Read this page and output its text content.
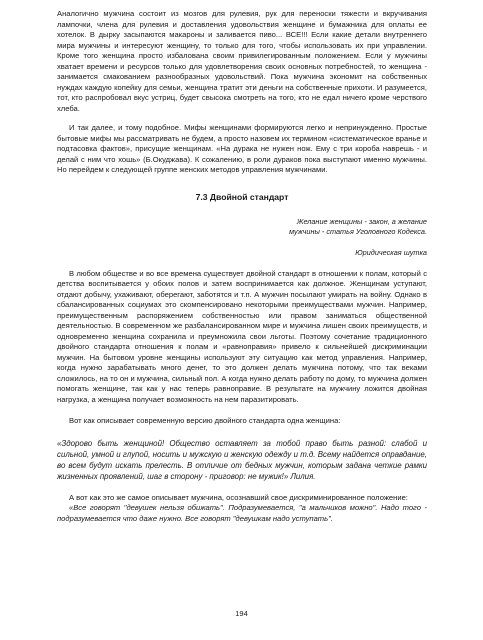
Аналогично мужчина состоит из мозгов для рулевия, рук для переноски тяжести и вкручивания лампочки, члена для рулевия и доставления удовольствия женщине и бумажника для оплаты ее хотелок. В дырку засыпаются макароны и заливается пиво... ВСЕ!!! Если какие детали внутреннего мира мужчины и интересуют женщину, то только для того, чтобы использовать их при управлении. Кроме того женщина просто избалована своим привилегированным положением. Если у мужчины хватает времени и ресурсов только для удовлетворения своих основных потребностей, то женщина - занимается смакованием разнообразных удовольствий. Пока мужчина экономит на собственных нуждах каждую копейку для семьи, женщина тратит эти деньги на собственные прихоти. И разумеется, тот, кто распробовал вкус устриц, будет свысока смотреть на того, кто не едал ничего кроме черствого хлеба.

И так далее, и тому подобное. Мифы женщинами формируются легко и непринужденно. Простые бытовые мифы мы рассматривать не будем, а просто назовем их термином «систематическое вранье и подтасовка фактов», присущие женщинам. «На дурака не нужен нож. Ему с три короба наврешь - и делай с ним что хошь» (Б.Окуджава). К сожалению, в роли дураков пока выступают именно мужчины. Но перейдем к следующей группе женских методов управления мужчинами.

7.3 Двойной стандарт
Желание женщины - закон, а желание
мужчины - статья Уголовного Кодекса.
Юридическая шутка

В любом обществе и во все времена существует двойной стандарт в отношении к полам, который с детства воспитывается у обоих полов и затем воспринимается как должное. Женщинам уступают, отдают добычу, ухаживают, оберегают, заботятся и т.п. А мужчин посылают умирать на войну. Однако в сбалансированных социумах это скомпенсировано некоторыми преимуществами мужчин. Например, преимущественным распоряжением собственностью или правом заниматься общественной деятельностью. В современном же разбалансированном мире и мужчина лишен своих преимуществ, и одновременно женщина сохранила и преумножила свои льготы. Поэтому сочетание традиционного двойного стандарта отношения к полам и «равноправия» привело к сильнейшей дискриминации мужчин. На бытовом уровне женщины используют эту ситуацию как метод управления. Например, когда нужно зарабатывать много денег, то это должен делать мужчина потому, что так веками сложилось, на то он и мужчина, сильный пол. А когда нужно делать работу по дому, то мужчина должен помогать женщине, так как у нас теперь равноправие. В результате на мужчину ложится двойная нагрузка, а женщина получает возможность на нем паразитировать.

Вот как описывает современную версию двойного стандарта одна женщина:

«Здорово быть женщиной! Общество оставляет за тобой право быть разной: слабой и сильной, умной и глупой, носить и мужскую и женскую одежду и т.д. Всему найдется оправдание, во всем будут искать прелесть. В отличие от бедных мужчин, которым задана четкие рамки жизненных проявлений, шаг в сторону - приговор: не мужик!» Лилия.

А вот как это же самое описывает мужчина, осознавший свое дискриминированное положение:

«Все говорят "девушек нельзя обижать". Подразумевается, "а мальчиков можно". Надо того - подразумевается что даже нужно. Все говорят "девушкам надо уступать".

194
